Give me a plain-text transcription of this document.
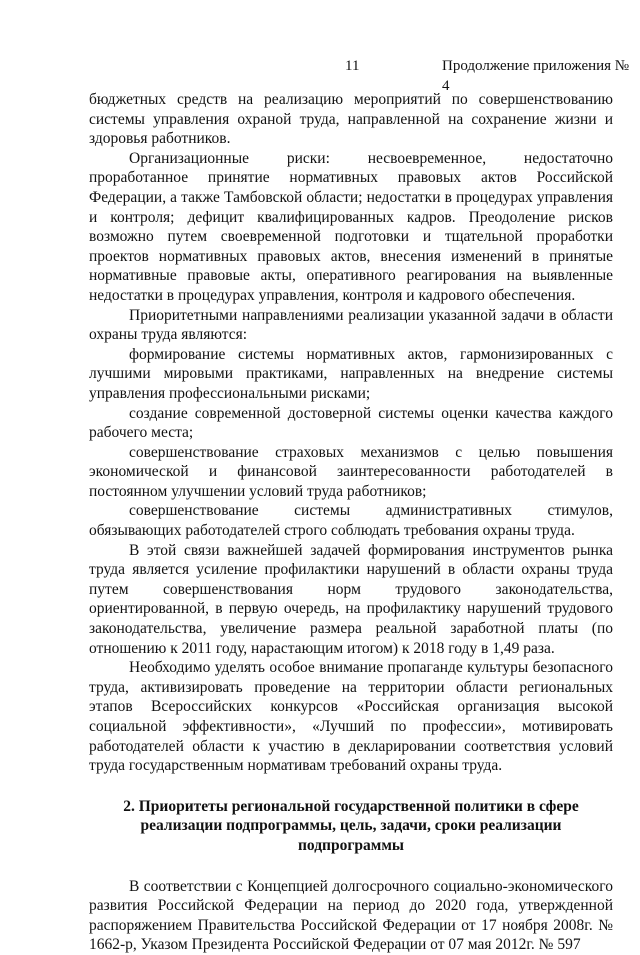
11	Продолжение приложения № 4

бюджетных средств на реализацию мероприятий по совершенствованию системы управления охраной труда, направленной на сохранение жизни и здоровья работников.

Организационные риски: несвоевременное, недостаточно проработанное принятие нормативных правовых актов Российской Федерации, а также Тамбовской области; недостатки в процедурах управления и контроля; дефицит квалифицированных кадров. Преодоление рисков возможно путем своевременной подготовки и тщательной проработки проектов нормативных правовых актов, внесения изменений в принятые нормативные правовые акты, оперативного реагирования на выявленные недостатки в процедурах управления, контроля и кадрового обеспечения.

Приоритетными направлениями реализации указанной задачи в области охраны труда являются:

формирование системы нормативных актов, гармонизированных с лучшими мировыми практиками, направленных на внедрение системы управления профессиональными рисками;

создание современной достоверной системы оценки качества каждого рабочего места;

совершенствование страховых механизмов с целью повышения экономической и финансовой заинтересованности работодателей в постоянном улучшении условий труда работников;

совершенствование системы административных стимулов, обязывающих работодателей строго соблюдать требования охраны труда.

В этой связи важнейшей задачей формирования инструментов рынка труда является усиление профилактики нарушений в области охраны труда путем совершенствования норм трудового законодательства, ориентированной, в первую очередь, на профилактику нарушений трудового законодательства, увеличение размера реальной заработной платы (по отношению к 2011 году, нарастающим итогом) к 2018 году в 1,49 раза.

Необходимо уделять особое внимание пропаганде культуры безопасного труда, активизировать проведение на территории области региональных этапов Всероссийских конкурсов «Российская организация высокой социальной эффективности», «Лучший по профессии», мотивировать работодателей области к участию в декларировании соответствия условий труда государственным нормативам требований охраны труда.

2. Приоритеты региональной государственной политики в сфере
реализации подпрограммы, цель, задачи, сроки реализации подпрограммы

В соответствии с Концепцией долгосрочного социально-экономического развития Российской Федерации на период до 2020 года, утвержденной распоряжением Правительства Российской Федерации от 17 ноября 2008г. № 1662-р, Указом Президента Российской Федерации от 07 мая 2012г. № 597
